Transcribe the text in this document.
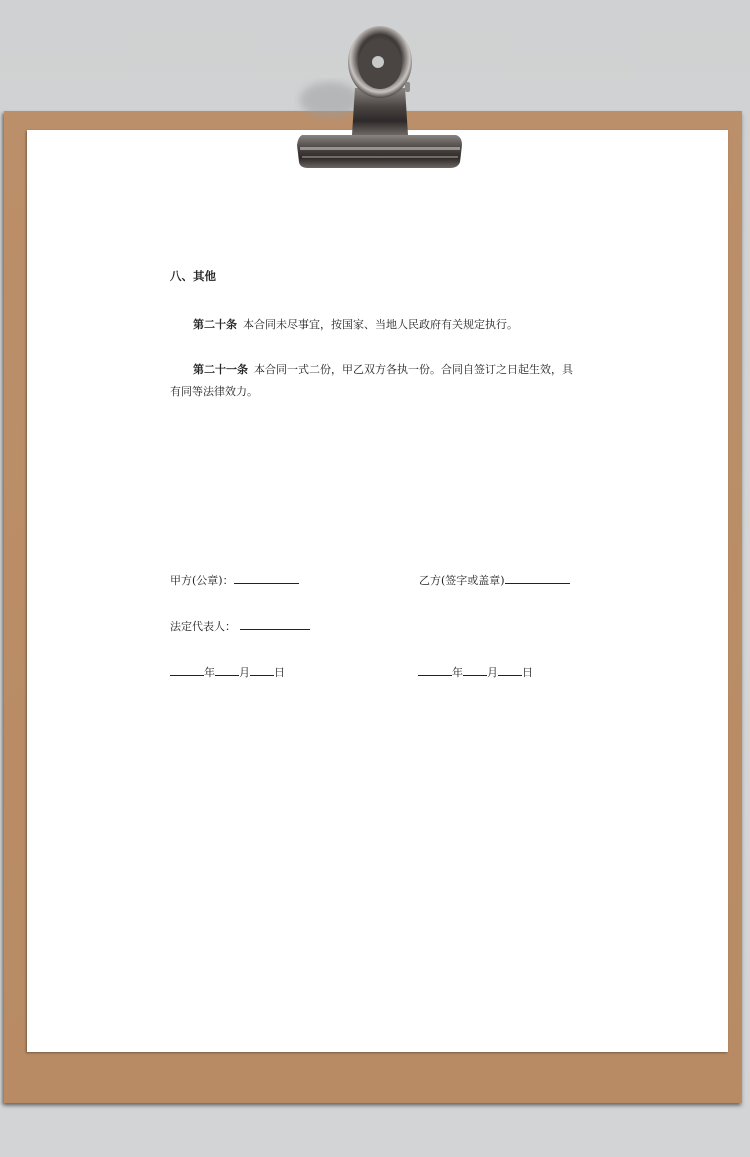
八、其他
第二十条 本合同未尽事宜，按国家、当地人民政府有关规定执行。
第二十一条 本合同一式二份，甲乙双方各执一份。合同自签订之日起生效，具有同等法律效力。
甲方(公章)：	乙方(签字或盖章)
法定代表人：
年 月 日	年 月 日
